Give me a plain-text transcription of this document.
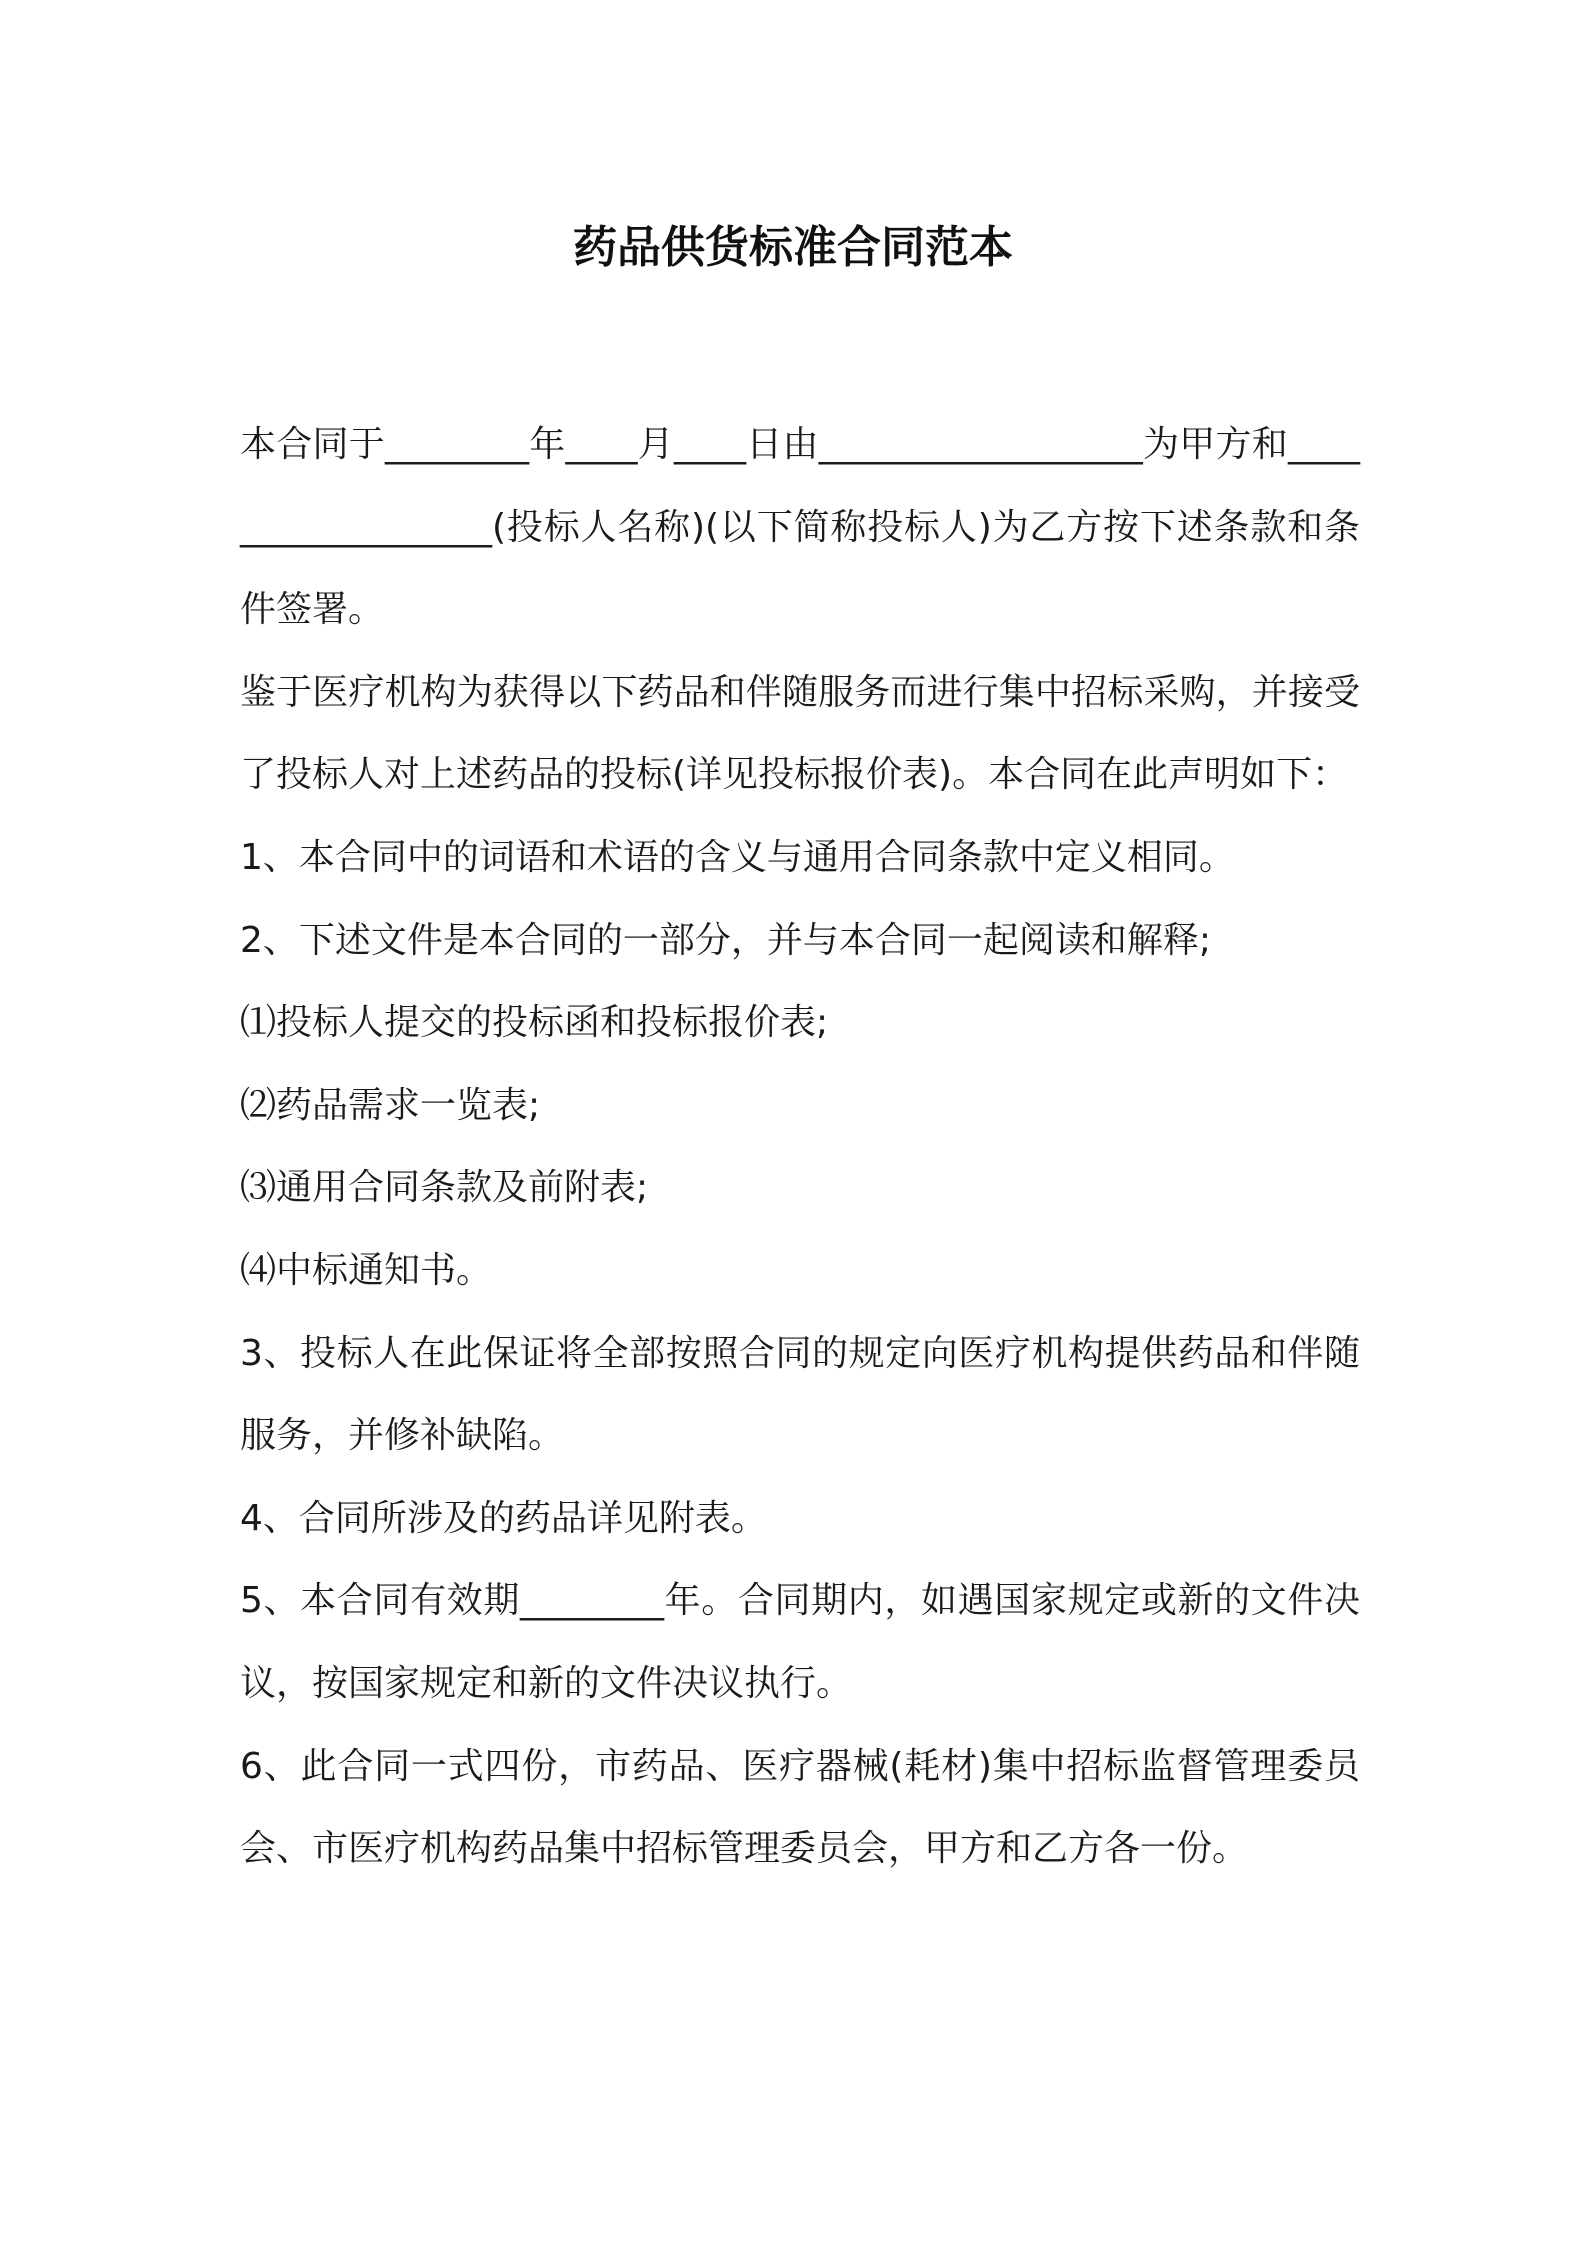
药品供货标准合同范本

本合同于________年____月____日由__________________为甲方和__________________(投标人名称)(以下简称投标人)为乙方按下述条款和条件签署。

鉴于医疗机构为获得以下药品和伴随服务而进行集中招标采购，并接受了投标人对上述药品的投标(详见投标报价表)。本合同在此声明如下：

1、本合同中的词语和术语的含义与通用合同条款中定义相同。

2、下述文件是本合同的一部分，并与本合同一起阅读和解释;

⑴投标人提交的投标函和投标报价表;

⑵药品需求一览表;

⑶通用合同条款及前附表;

⑷中标通知书。

3、投标人在此保证将全部按照合同的规定向医疗机构提供药品和伴随服务，并修补缺陷。

4、合同所涉及的药品详见附表。

5、本合同有效期________年。合同期内，如遇国家规定或新的文件决议，按国家规定和新的文件决议执行。

6、此合同一式四份，市药品、医疗器械(耗材)集中招标监督管理委员会、市医疗机构药品集中招标管理委员会，甲方和乙方各一份。
